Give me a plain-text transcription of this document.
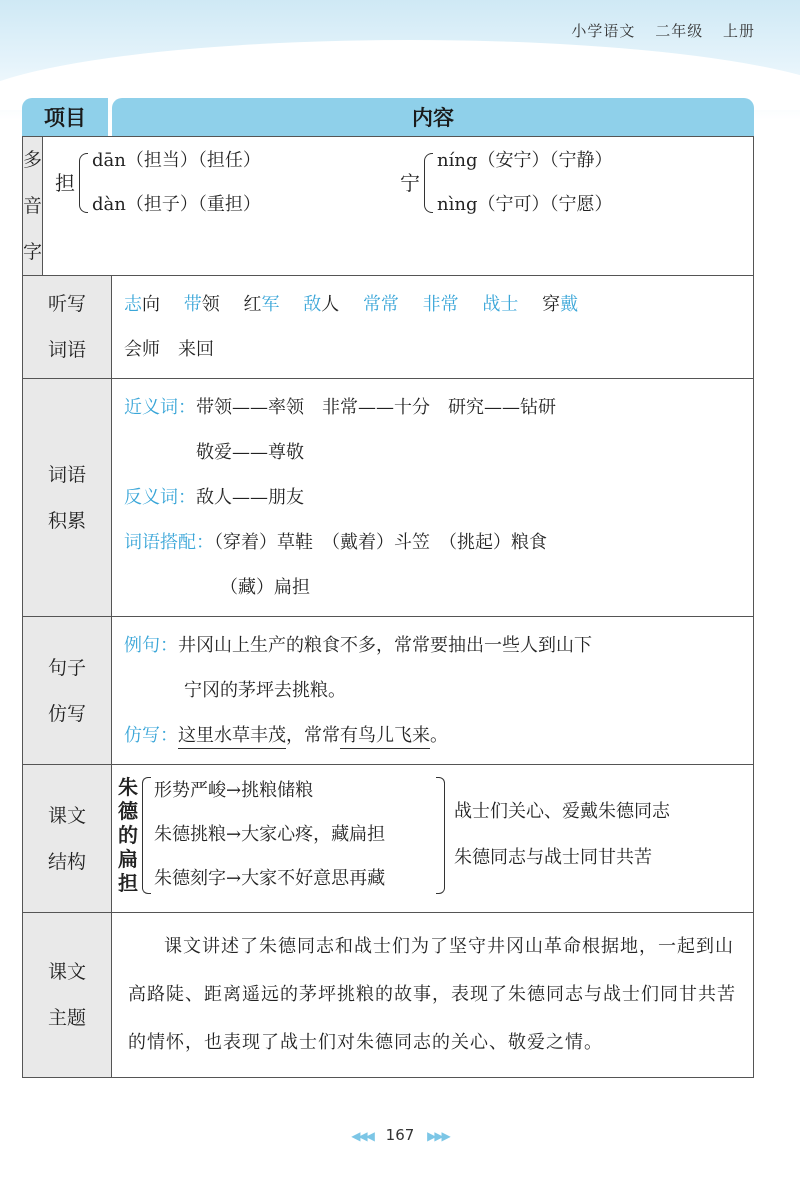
小学语文 二年级 上册
项目	内容
多音字
担
dān（担当）（担任）
dàn（担子）（重担）
宁
níng（安宁）（宁静）
nìng（宁可）（宁愿）
听写
词语
志向　 带领　 红军　 敌人　 常常　 非常　 战士　 穿戴
会师　来回
词语
积累
近义词：带领——率领　非常——十分　研究——钻研
敬爱——尊敬
反义词：敌人——朋友
词语搭配：（穿着）草鞋　（戴着）斗笠　（挑起）粮食
（藏）扁担
句子
仿写
例句：井冈山上生产的粮食不多，常常要抽出一些人到山下
宁冈的茅坪去挑粮。
仿写：这里水草丰茂，常常有鸟儿飞来。
课文
结构
朱
德
的
扁
担
形势严峻→挑粮储粮
朱德挑粮→大家心疼，藏扁担
朱德刻字→大家不好意思再藏
战士们关心、爱戴朱德同志
朱德同志与战士同甘共苦
课文
主题
课文讲述了朱德同志和战士们为了坚守井冈山革命根据地，一起到山高路陡、距离遥远的茅坪挑粮的故事，表现了朱德同志与战士们同甘共苦的情怀，也表现了战士们对朱德同志的关心、敬爱之情。
◀◀◀ 167 ▶▶▶
